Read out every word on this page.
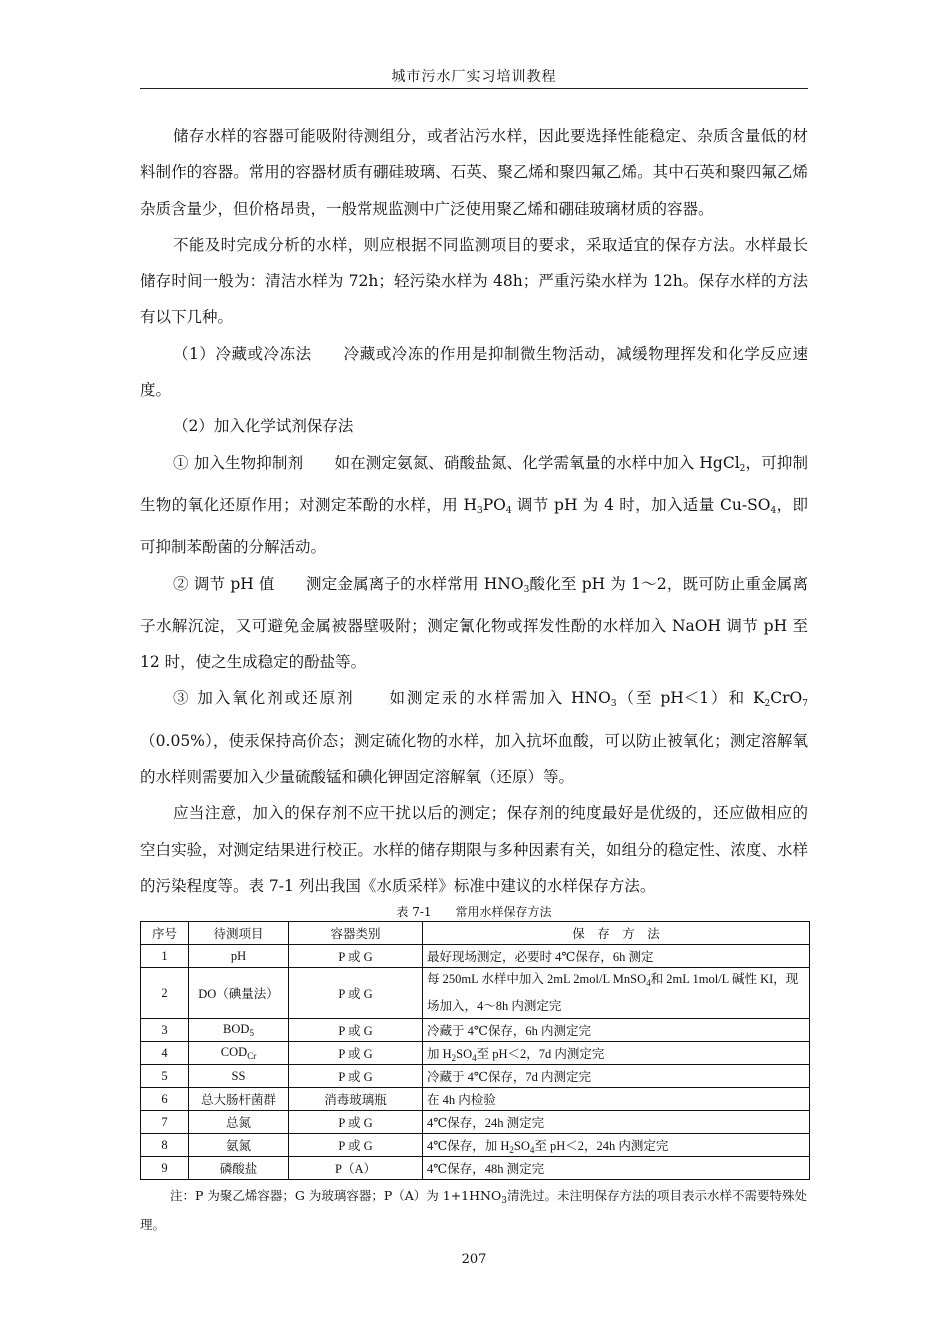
城市污水厂实习培训教程

储存水样的容器可能吸附待测组分，或者沾污水样，因此要选择性能稳定、杂质含量低的材料制作的容器。常用的容器材质有硼硅玻璃、石英、聚乙烯和聚四氟乙烯。其中石英和聚四氟乙烯杂质含量少，但价格昂贵，一般常规监测中广泛使用聚乙烯和硼硅玻璃材质的容器。

不能及时完成分析的水样，则应根据不同监测项目的要求，采取适宜的保存方法。水样最长储存时间一般为：清洁水样为 72h；轻污染水样为 48h；严重污染水样为 12h。保存水样的方法有以下几种。

（1）冷藏或冷冻法　　冷藏或冷冻的作用是抑制微生物活动，减缓物理挥发和化学反应速度。

（2）加入化学试剂保存法

① 加入生物抑制剂　　如在测定氨氮、硝酸盐氮、化学需氧量的水样中加入 HgCl$_2$，可抑制生物的氧化还原作用；对测定苯酚的水样，用 $H_3PO_4$ 调节 pH 为 4 时，加入适量 $Cu-SO_4$，即可抑制苯酚菌的分解活动。

② 调节 pH 值　　测定金属离子的水样常用 $HNO_3$酸化至 pH 为 1～2，既可防止重金属离子水解沉淀，又可避免金属被器壁吸附；测定氰化物或挥发性酚的水样加入 NaOH 调节 pH 至 12 时，使之生成稳定的酚盐等。

③ 加入氧化剂或还原剂　　如测定汞的水样需加入 $HNO_3$（至 pH＜1）和 $K_2CrO_7(0.05\%)$，使汞保持高价态；测定硫化物的水样，加入抗坏血酸，可以防止被氧化；测定溶解氧的水样则需要加入少量硫酸锰和碘化钾固定溶解氧（还原）等。

应当注意，加入的保存剂不应干扰以后的测定；保存剂的纯度最好是优级的，还应做相应的空白实验，对测定结果进行校正。水样的储存期限与多种因素有关，如组分的稳定性、浓度、水样的污染程度等。表 7-1 列出我国《水质采样》标准中建议的水样保存方法。

表 7-1　　常用水样保存方法
序号	待测项目	容器类别	保　存　方　法
1	pH	P 或 G	最好现场测定，必要时 4℃保存，6h 测定
2	DO（碘量法）	P 或 G	每 250mL 水样中加入 2mL 2mol/L MnSO$_4$和 2mL 1mol/L 碱性 KI，现场加入，4～8h 内测定完
3	$BOD_5$	P 或 G	冷藏于 4℃保存，6h 内测定完
4	$COD_{Cr}$	P 或 G	加 $H_2SO_4$至 pH＜2，7d 内测定完
5	SS	P 或 G	冷藏于 4℃保存，7d 内测定完
6	总大肠杆菌群	消毒玻璃瓶	在 4h 内检验
7	总氮	P 或 G	4℃保存，24h 测定完
8	氨氮	P 或 G	4℃保存，加 $H_2SO_4$至 pH＜2，24h 内测定完
9	磷酸盐	P（A）	4℃保存，48h 测定完
注：P 为聚乙烯容器；G 为玻璃容器；P（A）为 $1+1HNO_3$清洗过。未注明保存方法的项目表示水样不需要特殊处理。
207
